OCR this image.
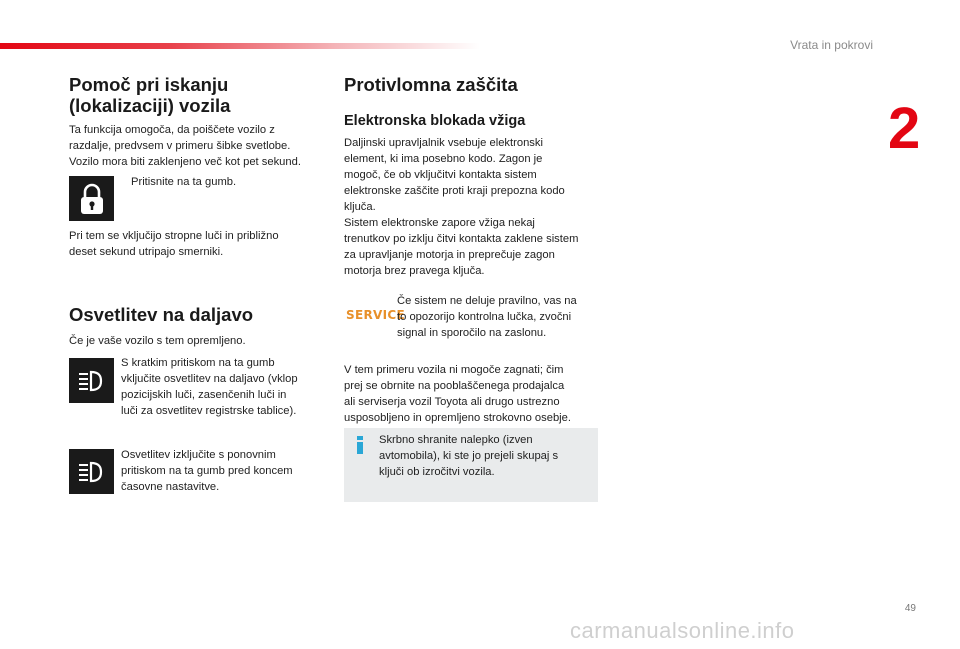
Vrata in pokrovi
2
Pomoč pri iskanju
(lokalizaciji) vozila

Ta funkcija omogoča, da poiščete vozilo z
razdalje, predvsem v primeru šibke svetlobe.
Vozilo mora biti zaklenjeno več kot pet sekund.

Pritisnite na ta gumb.

Pri tem se vključijo stropne luči in približno
deset sekund utripajo smerniki.

Osvetlitev na daljavo

Če je vaše vozilo s tem opremljeno.

S kratkim pritiskom na ta gumb
vključite osvetlitev na daljavo (vklop
pozicijskih luči, zasenčenih luči in
luči za osvetlitev registrske tablice).

Osvetlitev izključite s ponovnim
pritiskom na ta gumb pred koncem
časovne nastavitve.

Protivlomna zaščita
Elektronska blokada vžiga

Daljinski upravljalnik vsebuje elektronski
element, ki ima posebno kodo. Zagon je
mogoč, če ob vključitvi kontakta sistem
elektronske zaščite proti kraji prepozna kodo
ključa.

Sistem elektronske zapore vžiga nekaj
trenutkov po izklju čitvi kontakta zaklene sistem
za upravljanje motorja in preprečuje zagon
motorja brez pravega ključa.

SERVICE

Če sistem ne deluje pravilno, vas na
to opozorijo kontrolna lučka, zvočni
signal in sporočilo na zaslonu.

V tem primeru vozila ni mogoče zagnati; čim
prej se obrnite na pooblaščenega prodajalca
ali serviserja vozil Toyota ali drugo ustrezno
usposobljeno in opremljeno strokovno osebje.

Skrbno shranite nalepko (izven
avtomobila), ki ste jo prejeli skupaj s
ključi ob izročitvi vozila.

49
carmanualsonline.info
